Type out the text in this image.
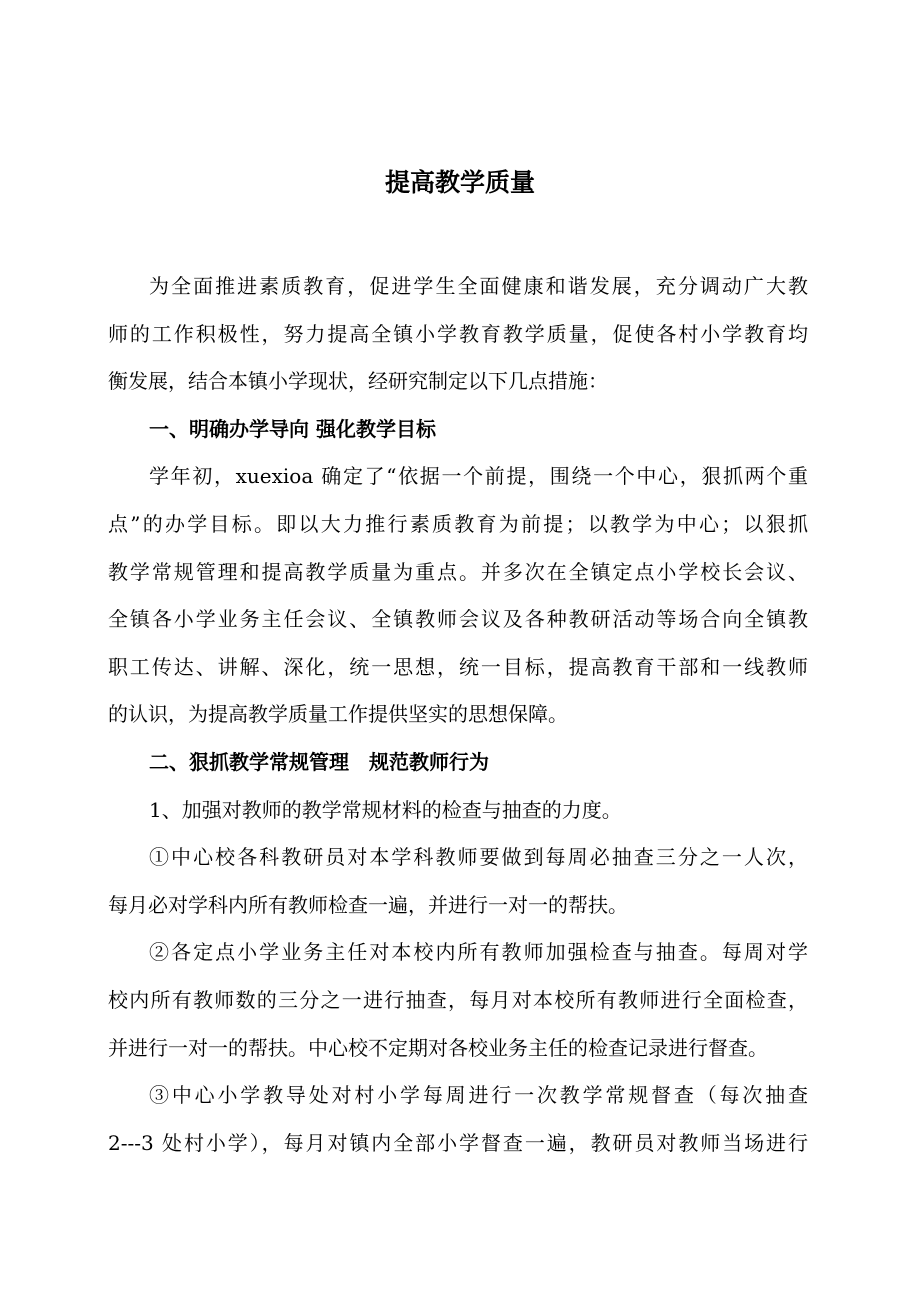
提高教学质量
为全面推进素质教育，促进学生全面健康和谐发展，充分调动广大教
师的工作积极性，努力提高全镇小学教育教学质量，促使各村小学教育均
衡发展，结合本镇小学现状，经研究制定以下几点措施：
一、明确办学导向 强化教学目标
学年初，xuexioa 确定了“依据一个前提，围绕一个中心，狠抓两个重
点”的办学目标。即以大力推行素质教育为前提；以教学为中心；以狠抓
教学常规管理和提高教学质量为重点。并多次在全镇定点小学校长会议、
全镇各小学业务主任会议、全镇教师会议及各种教研活动等场合向全镇教
职工传达、讲解、深化，统一思想，统一目标，提高教育干部和一线教师
的认识，为提高教学质量工作提供坚实的思想保障。
二、狠抓教学常规管理　规范教师行为
1、加强对教师的教学常规材料的检查与抽查的力度。
①中心校各科教研员对本学科教师要做到每周必抽查三分之一人次，
每月必对学科内所有教师检查一遍，并进行一对一的帮扶。
②各定点小学业务主任对本校内所有教师加强检查与抽查。每周对学
校内所有教师数的三分之一进行抽查，每月对本校所有教师进行全面检查，
并进行一对一的帮扶。中心校不定期对各校业务主任的检查记录进行督查。
③中心小学教导处对村小学每周进行一次教学常规督查（每次抽查
2---3 处村小学），每月对镇内全部小学督查一遍，教研员对教师当场进行
